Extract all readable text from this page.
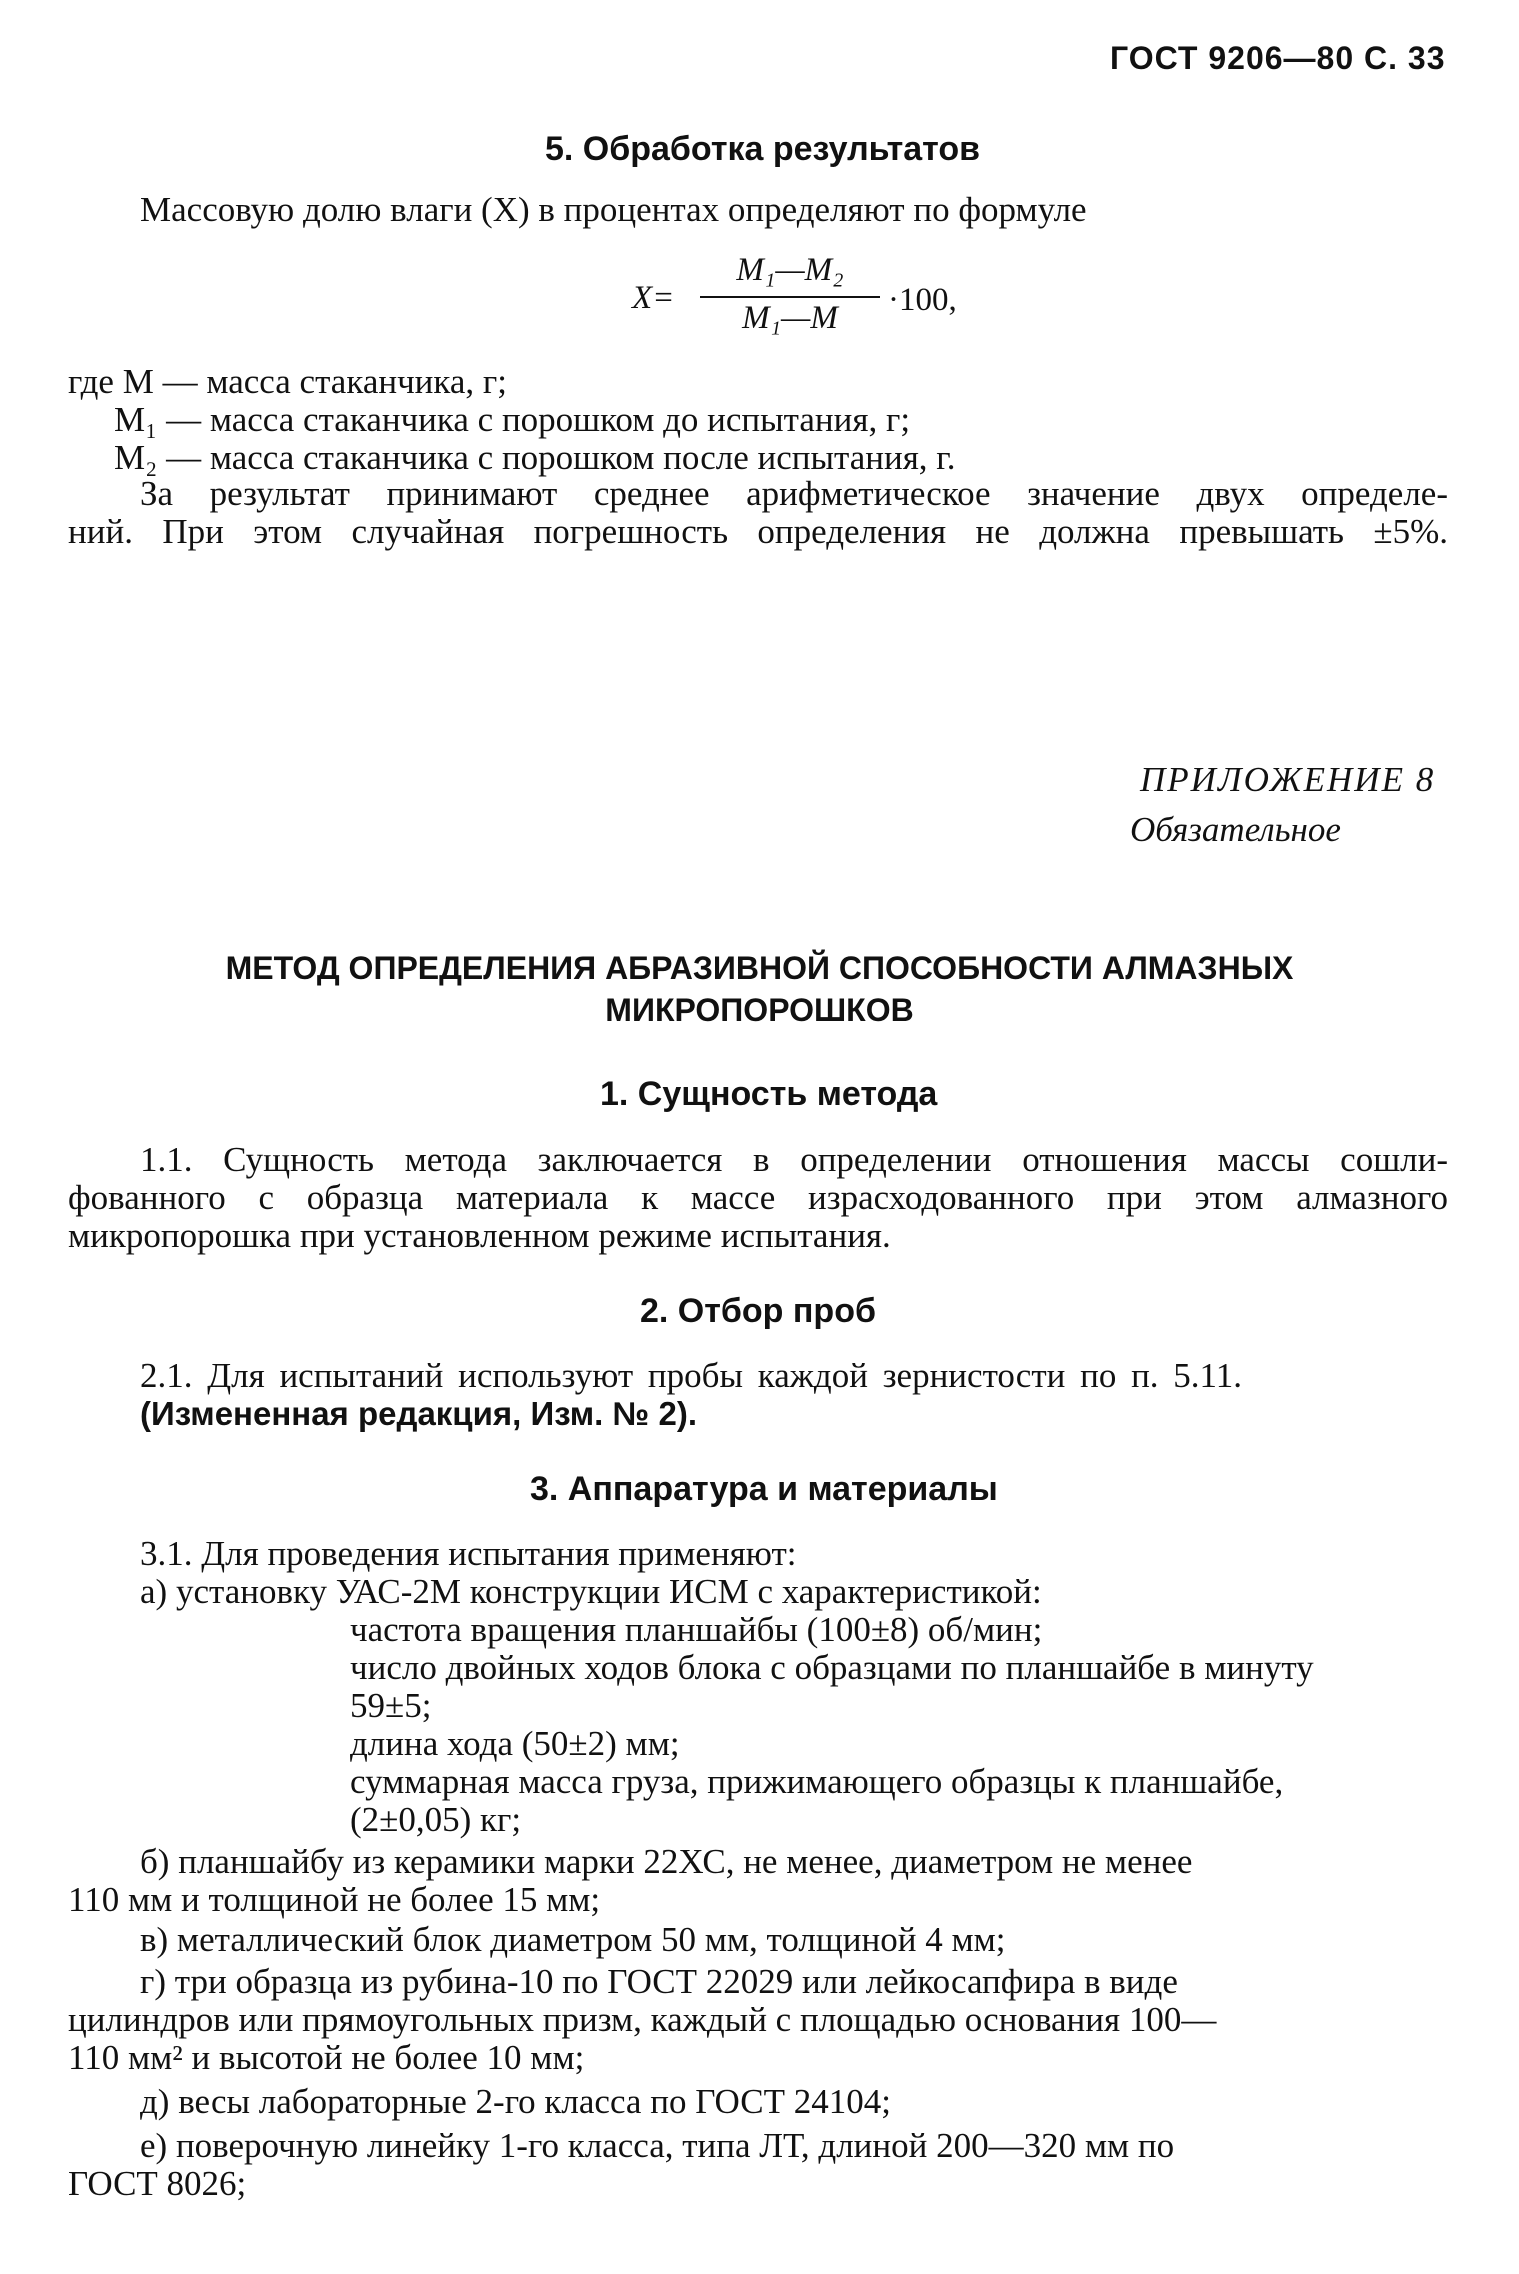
ГОСТ 9206—80 С. 33
5. Обработка результатов
Массовую долю влаги (X) в процентах определяют по формуле
X=
M₁—M₂
M₁—M	·100,
где M — масса стаканчика, г;
M₁ — масса стаканчика с порошком до испытания, г;
M₂ — масса стаканчика с порошком после испытания, г.
За результат принимают среднее арифметическое значение двух определе-
ний. При этом случайная погрешность определения не должна превышать ±5%.
ПРИЛОЖЕНИЕ 8
Обязательное
МЕТОД ОПРЕДЕЛЕНИЯ АБРАЗИВНОЙ СПОСОБНОСТИ АЛМАЗНЫХ
МИКРОПОРОШКОВ
1. Сущность метода
1.1. Сущность метода заключается в определении отношения массы сошли-
фованного с образца материала к массе израсходованного при этом алмазного
микропорошка при установленном режиме испытания.
2. Отбор проб
2.1. Для испытаний используют пробы каждой зернистости по п. 5.11.
(Измененная редакция, Изм. № 2).
3. Аппаратура и материалы
3.1. Для проведения испытания применяют:
а) установку УАС-2М конструкции ИСМ с характеристикой:
частота вращения планшайбы (100±8) об/мин;
число двойных ходов блока с образцами по планшайбе в минуту
59±5;
длина хода (50±2) мм;
суммарная масса груза, прижимающего образцы к планшайбе,
(2±0,05) кг;
б) планшайбу из керамики марки 22ХС, не менее, диаметром не менее
110 мм и толщиной не более 15 мм;
в) металлический блок диаметром 50 мм, толщиной 4 мм;
г) три образца из рубина-10 по ГОСТ 22029 или лейкосапфира в виде
цилиндров или прямоугольных призм, каждый с площадью основания 100—
110 мм² и высотой не более 10 мм;
д) весы лабораторные 2-го класса по ГОСТ 24104;
е) поверочную линейку 1-го класса, типа ЛТ, длиной 200—320 мм по
ГОСТ 8026;
